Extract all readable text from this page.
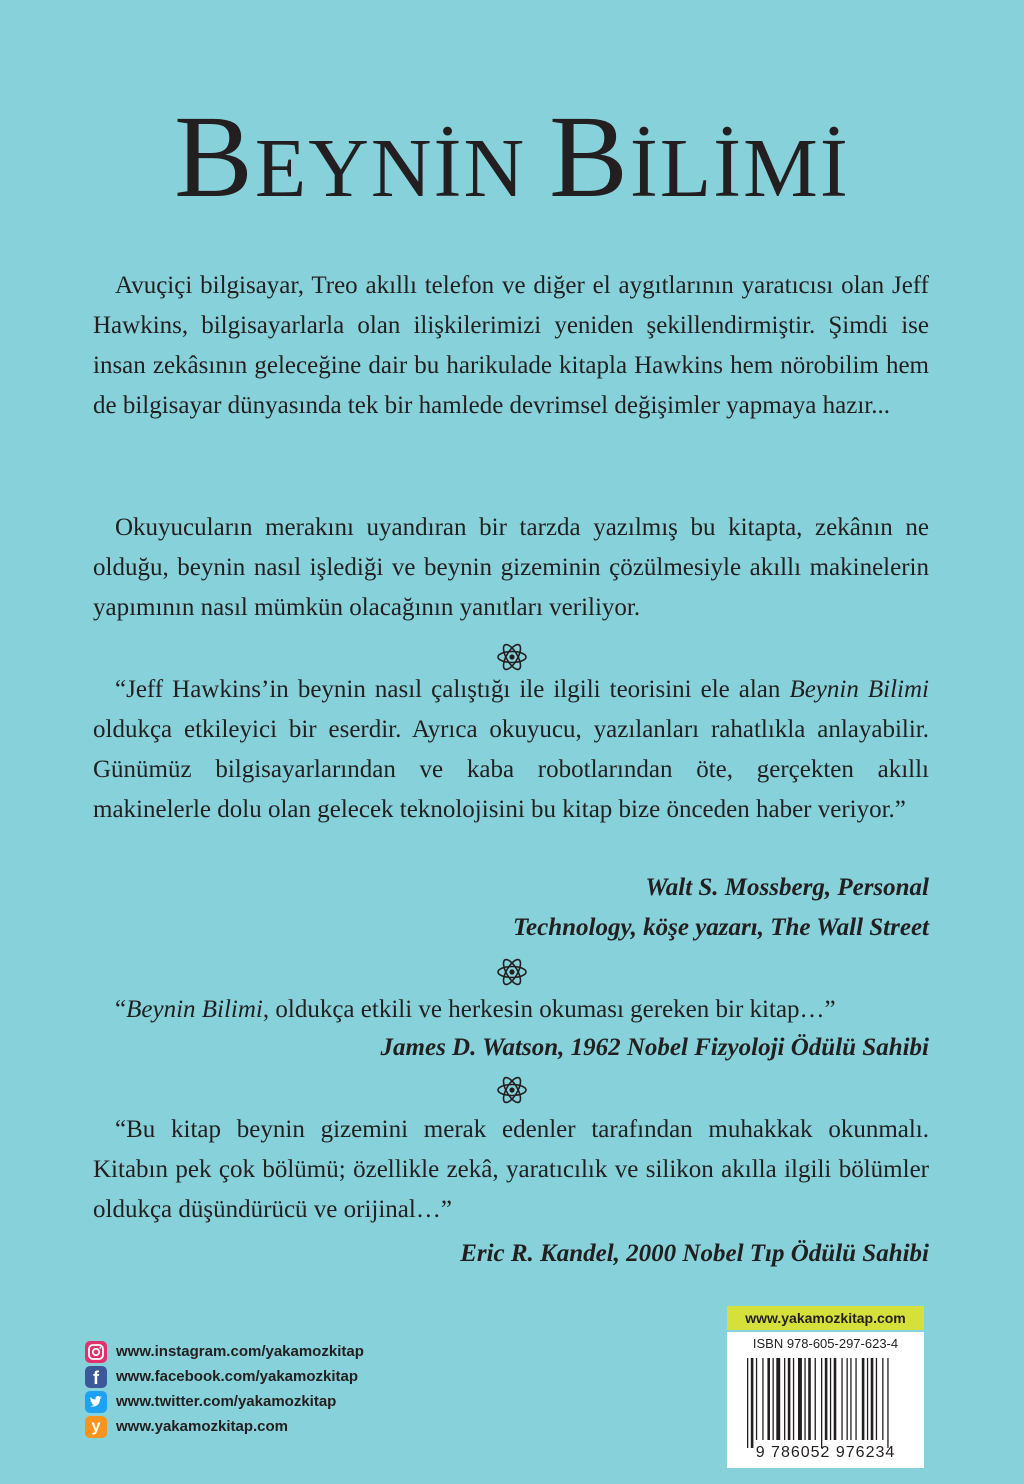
BEYNİN BİLİMİ
Avuçiçi bilgisayar, Treo akıllı telefon ve diğer el aygıtlarının yaratıcısı olan Jeff Hawkins, bilgisayarlarla olan ilişkilerimizi yeniden şekillendirmiştir. Şimdi ise insan zekâsının geleceğine dair bu harikulade kitapla Hawkins hem nörobilim hem de bilgisayar dünyasında tek bir hamlede devrimsel değişimler yapmaya hazır...
Okuyucuların merakını uyandıran bir tarzda yazılmış bu kitapta, zekânın ne olduğu, beynin nasıl işlediği ve beynin gizeminin çözülmesiyle akıllı makinelerin yapımının nasıl mümkün olacağının yanıtları veriliyor.
“Jeff Hawkins’in beynin nasıl çalıştığı ile ilgili teorisini ele alan Beynin Bilimi oldukça etkileyici bir eserdir. Ayrıca okuyucu, yazılanları rahatlıkla anlayabilir. Günümüz bilgisayarlarından ve kaba robotlarından öte, gerçekten akıllı makinelerle dolu olan gelecek teknolojisini bu kitap bize önceden haber veriyor.”
Walt S. Mossberg, Personal
Technology, köşe yazarı, The Wall Street
“Beynin Bilimi, oldukça etkili ve herkesin okuması gereken bir kitap…”
James D. Watson, 1962 Nobel Fizyoloji Ödülü Sahibi
“Bu kitap beynin gizemini merak edenler tarafından muhakkak okunmalı. Kitabın pek çok bölümü; özellikle zekâ, yaratıcılık ve silikon akılla ilgili bölümler oldukça düşündürücü ve orijinal…”
Eric R. Kandel, 2000 Nobel Tıp Ödülü Sahibi
www.instagram.com/yakamozkitap
f	www.facebook.com/yakamozkitap
www.twitter.com/yakamozkitap
y	www.yakamozkitap.com
www.yakamozkitap.com
ISBN 978-605-297-623-4
9 786052 976234
